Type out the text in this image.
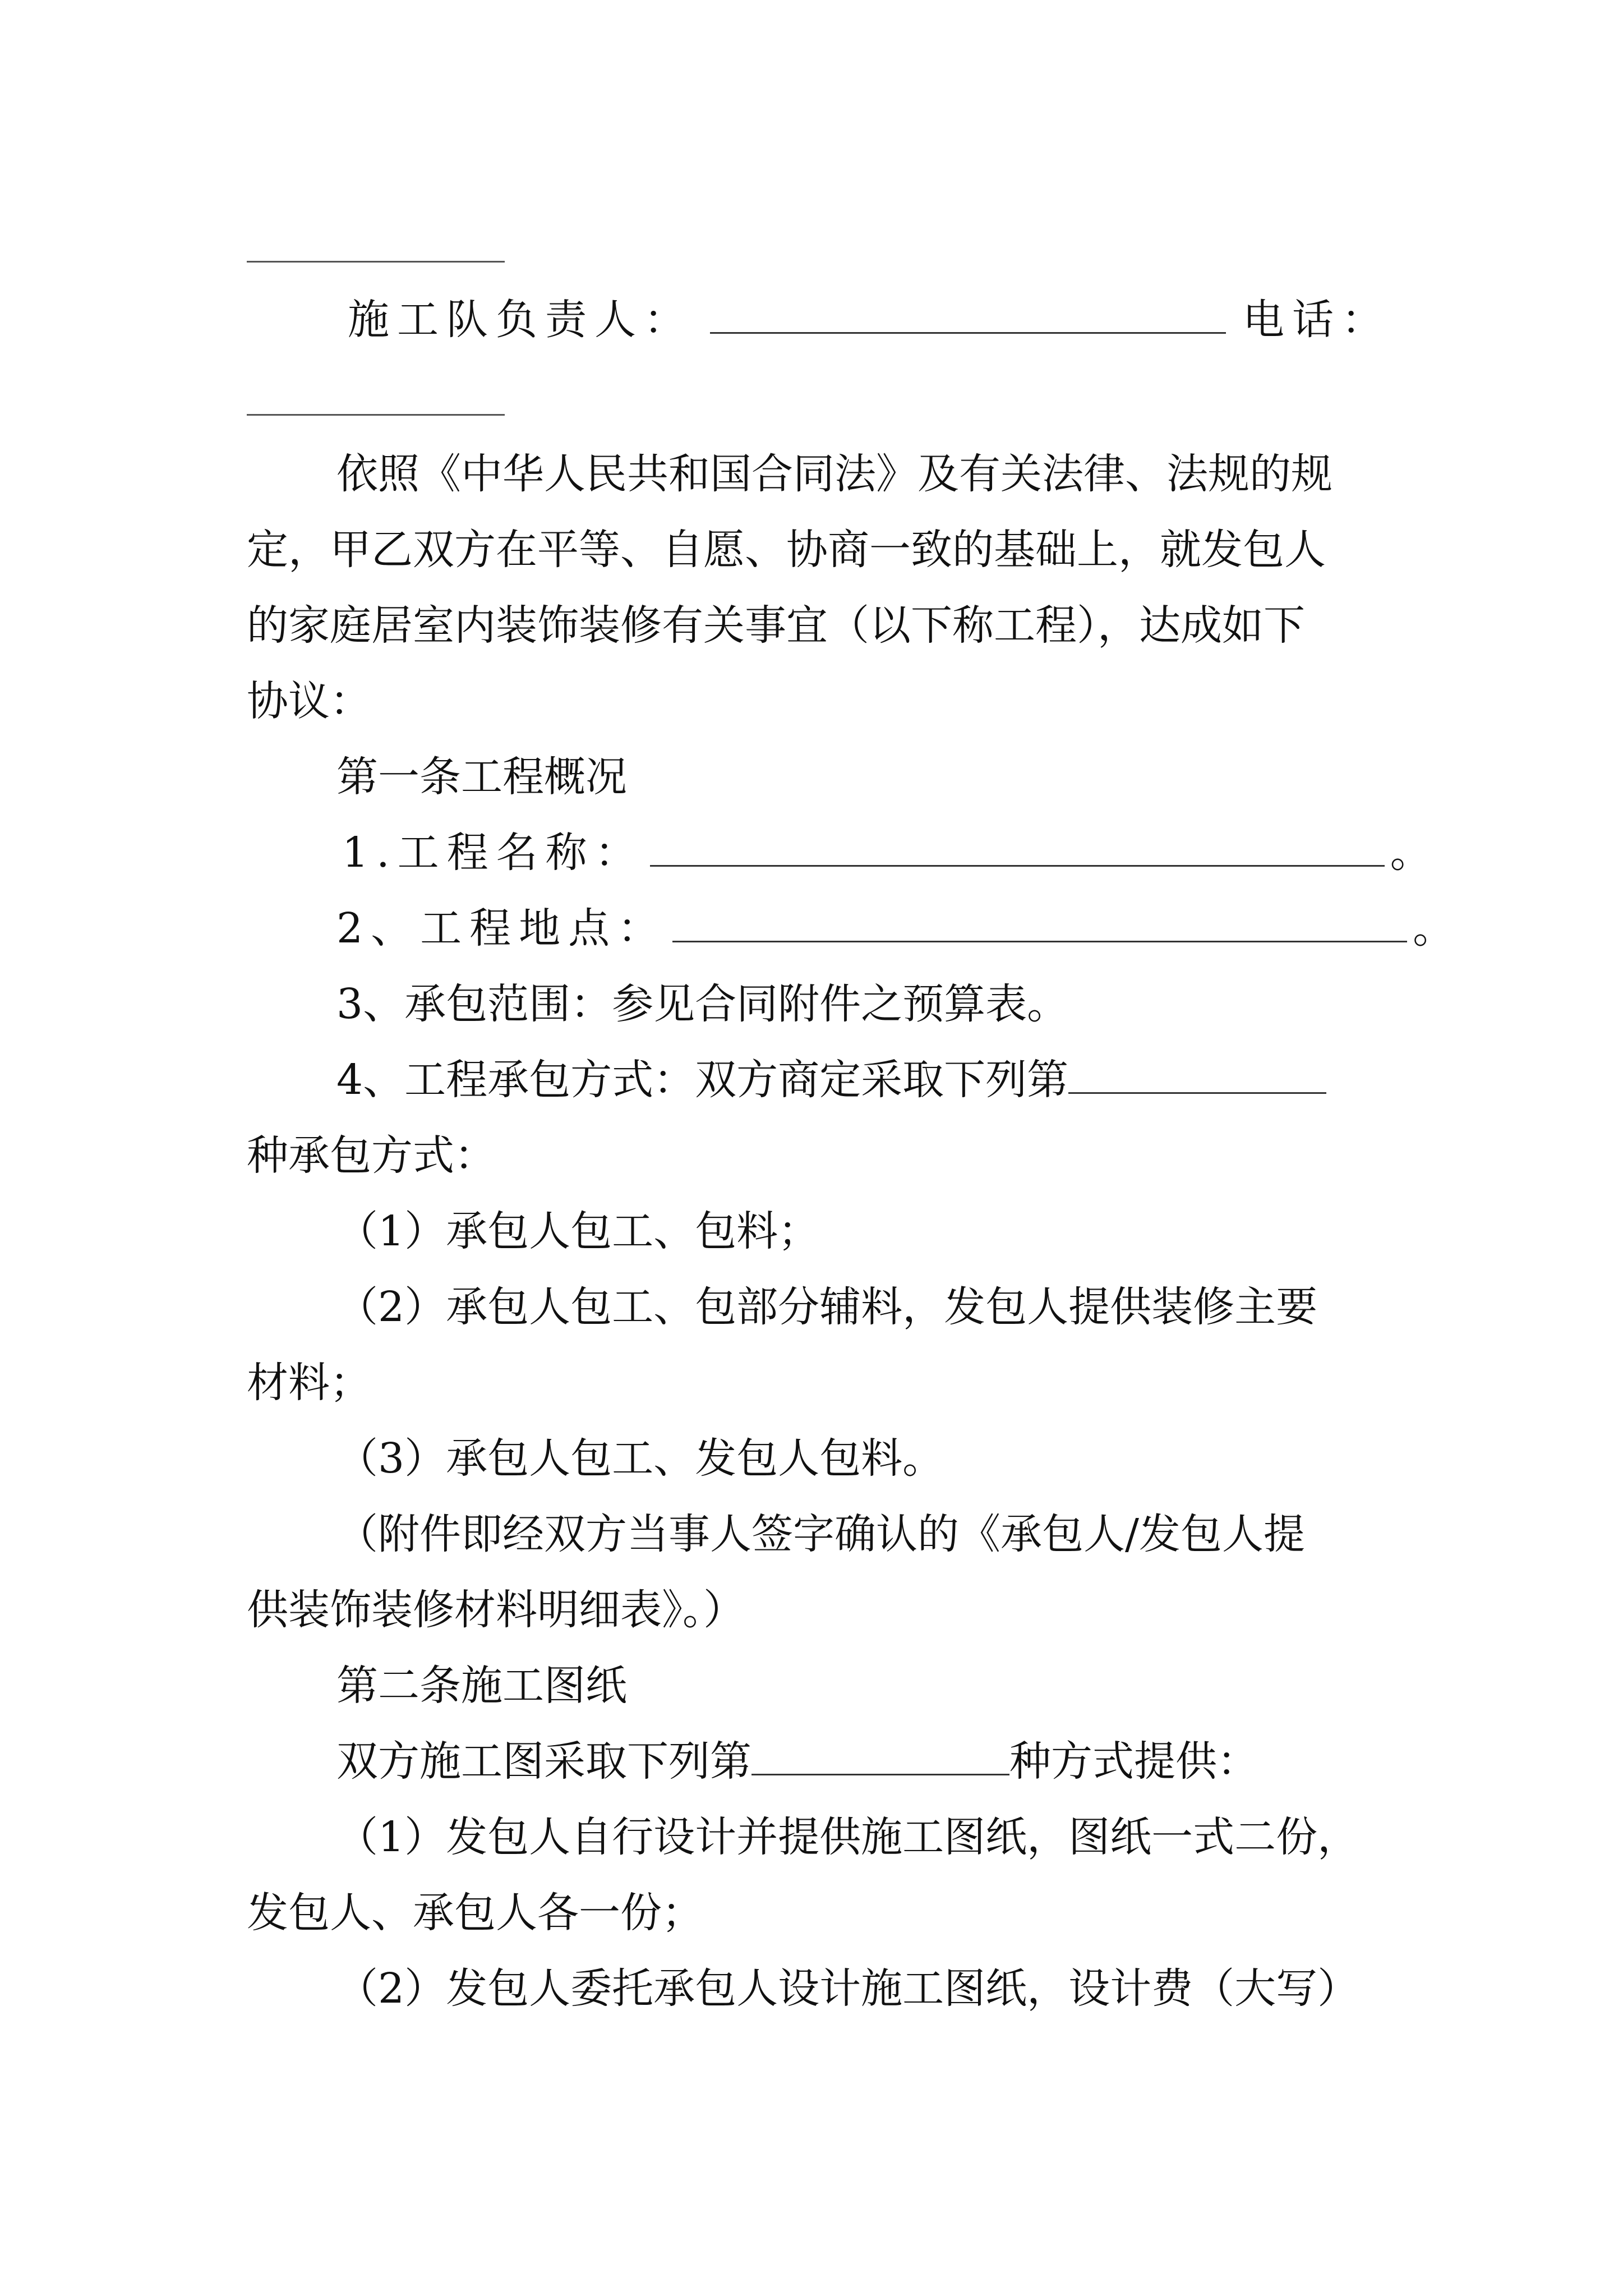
施工队负责人：	电话：
依照《中华人民共和国合同法》及有关法律、法规的规
定，甲乙双方在平等、自愿、协商一致的基础上，就发包人
的家庭居室内装饰装修有关事宜（以下称工程），达成如下
协议：
第一条工程概况
1.工程名称：	。
2、工程地点：	。
3、承包范围：参见合同附件之预算表。
4、工程承包方式：双方商定采取下列第
种承包方式：
（1）承包人包工、包料；
（2）承包人包工、包部分辅料，发包人提供装修主要
材料；
（3）承包人包工、发包人包料。
（附件即经双方当事人签字确认的《承包人/发包人提
供装饰装修材料明细表》。）
第二条施工图纸
双方施工图采取下列第	种方式提供：
（1）发包人自行设计并提供施工图纸，图纸一式二份，
发包人、承包人各一份；
（2）发包人委托承包人设计施工图纸，设计费（大写）
